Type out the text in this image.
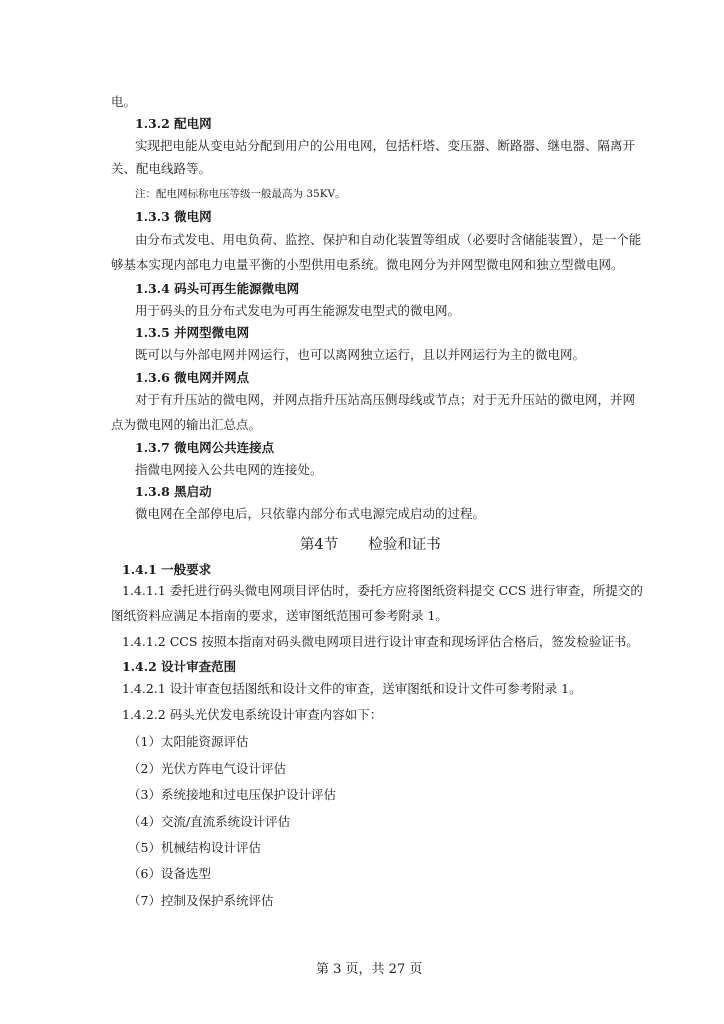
电。
1.3.2 配电网
实现把电能从变电站分配到用户的公用电网，包括杆塔、变压器、断路器、继电器、隔离开
关、配电线路等。
注：配电网标称电压等级一般最高为 35KV。
1.3.3 微电网
由分布式发电、用电负荷、监控、保护和自动化装置等组成（必要时含储能装置），是一个能
够基本实现内部电力电量平衡的小型供用电系统。微电网分为并网型微电网和独立型微电网。
1.3.4 码头可再生能源微电网
用于码头的且分布式发电为可再生能源发电型式的微电网。
1.3.5 并网型微电网
既可以与外部电网并网运行，也可以离网独立运行，且以并网运行为主的微电网。
1.3.6 微电网并网点
对于有升压站的微电网，并网点指升压站高压侧母线或节点；对于无升压站的微电网，并网
点为微电网的输出汇总点。
1.3.7 微电网公共连接点
指微电网接入公共电网的连接处。
1.3.8 黑启动
微电网在全部停电后，只依靠内部分布式电源完成启动的过程。
第4节 检验和证书
1.4.1 一般要求
1.4.1.1 委托进行码头微电网项目评估时，委托方应将图纸资料提交 CCS 进行审查，所提交的
图纸资料应满足本指南的要求，送审图纸范围可参考附录 1。
1.4.1.2 CCS 按照本指南对码头微电网项目进行设计审查和现场评估合格后，签发检验证书。
1.4.2 设计审查范围
1.4.2.1 设计审查包括图纸和设计文件的审查，送审图纸和设计文件可参考附录 1。
1.4.2.2 码头光伏发电系统设计审查内容如下：
（1）太阳能资源评估
（2）光伏方阵电气设计评估
（3）系统接地和过电压保护设计评估
（4）交流/直流系统设计评估
（5）机械结构设计评估
（6）设备选型
（7）控制及保护系统评估
第 3 页，共 27 页
